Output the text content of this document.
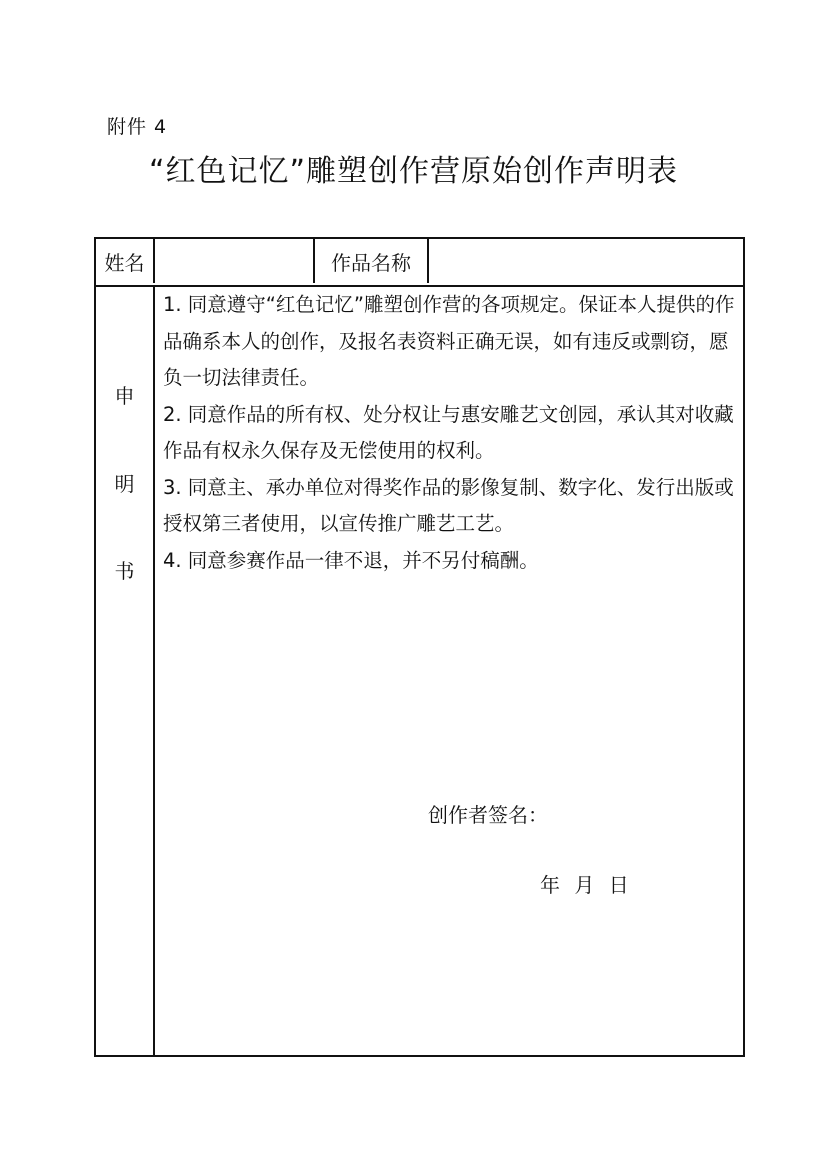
附件 4
“红色记忆”雕塑创作营原始创作声明表
姓名	作品名称
申
明
书

1. 同意遵守“红色记忆”雕塑创作营的各项规定。保证本人提供的作品确系本人的创作，及报名表资料正确无误，如有违反或剽窃，愿负一切法律责任。

2. 同意作品的所有权、处分权让与惠安雕艺文创园，承认其对收藏作品有权永久保存及无偿使用的权利。

3. 同意主、承办单位对得奖作品的影像复制、数字化、发行出版或授权第三者使用，以宣传推广雕艺工艺。

4. 同意参赛作品一律不退，并不另付稿酬。

创作者签名：
年 月 日
